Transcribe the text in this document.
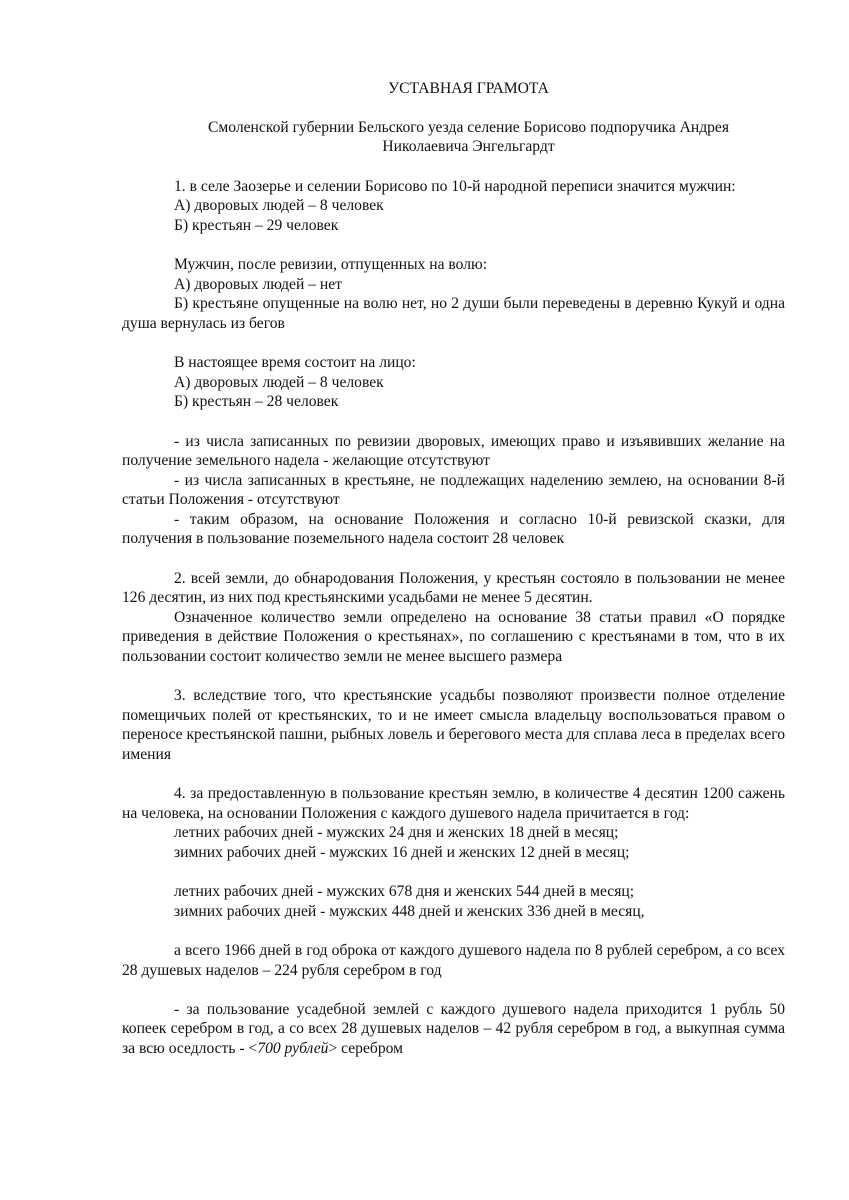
УСТАВНАЯ ГРАМОТА
Смоленской губернии Бельского уезда селение Борисово подпоручика Андрея
Николаевича Энгельгардт

1. в селе Заозерье и селении Борисово по 10-й народной переписи значится мужчин:

А) дворовых людей – 8 человек

Б) крестьян – 29 человек

Мужчин, после ревизии, отпущенных на волю:

А) дворовых людей – нет

Б) крестьяне опущенные на волю нет, но 2 души были переведены в деревню Кукуй и одна душа вернулась из бегов

В настоящее время состоит на лицо:

А) дворовых людей – 8 человек

Б) крестьян – 28 человек

- из числа записанных по ревизии дворовых, имеющих право и изъявивших желание на получение земельного надела - желающие отсутствуют

- из числа записанных в крестьяне, не подлежащих наделению землею, на основании 8-й статьи Положения - отсутствуют

- таким образом, на основание Положения и согласно 10-й ревизской сказки, для получения в пользование поземельного надела состоит 28 человек

2. всей земли, до обнародования Положения, у крестьян состояло в пользовании не менее 126 десятин, из них под крестьянскими усадьбами не менее 5 десятин.

Означенное количество земли определено на основание 38 статьи правил «О порядке приведения в действие Положения о крестьянах», по соглашению с крестьянами в том, что в их пользовании состоит количество земли не менее высшего размера

3. вследствие того, что крестьянские усадьбы позволяют произвести полное отделение помещичьих полей от крестьянских, то и не имеет смысла владельцу воспользоваться правом о переносе крестьянской пашни, рыбных ловель и берегового места для сплава леса в пределах всего имения

4. за предоставленную в пользование крестьян землю, в количестве 4 десятин 1200 сажень на человека, на основании Положения с каждого душевого надела причитается в год:

летних рабочих дней - мужских 24 дня и женских 18 дней в месяц;

зимних рабочих дней - мужских 16 дней и женских 12 дней в месяц;

летних рабочих дней - мужских 678 дня и женских 544 дней в месяц;

зимних рабочих дней - мужских 448 дней и женских 336 дней в месяц,

а всего 1966 дней в год оброка от каждого душевого надела по 8 рублей серебром, а со всех 28 душевых наделов – 224 рубля серебром в год

- за пользование усадебной землей с каждого душевого надела приходится 1 рубль 50 копеек серебром в год, а со всех 28 душевых наделов – 42 рубля серебром в год, а выкупная сумма за всю оседлость - <700 рублей> серебром
